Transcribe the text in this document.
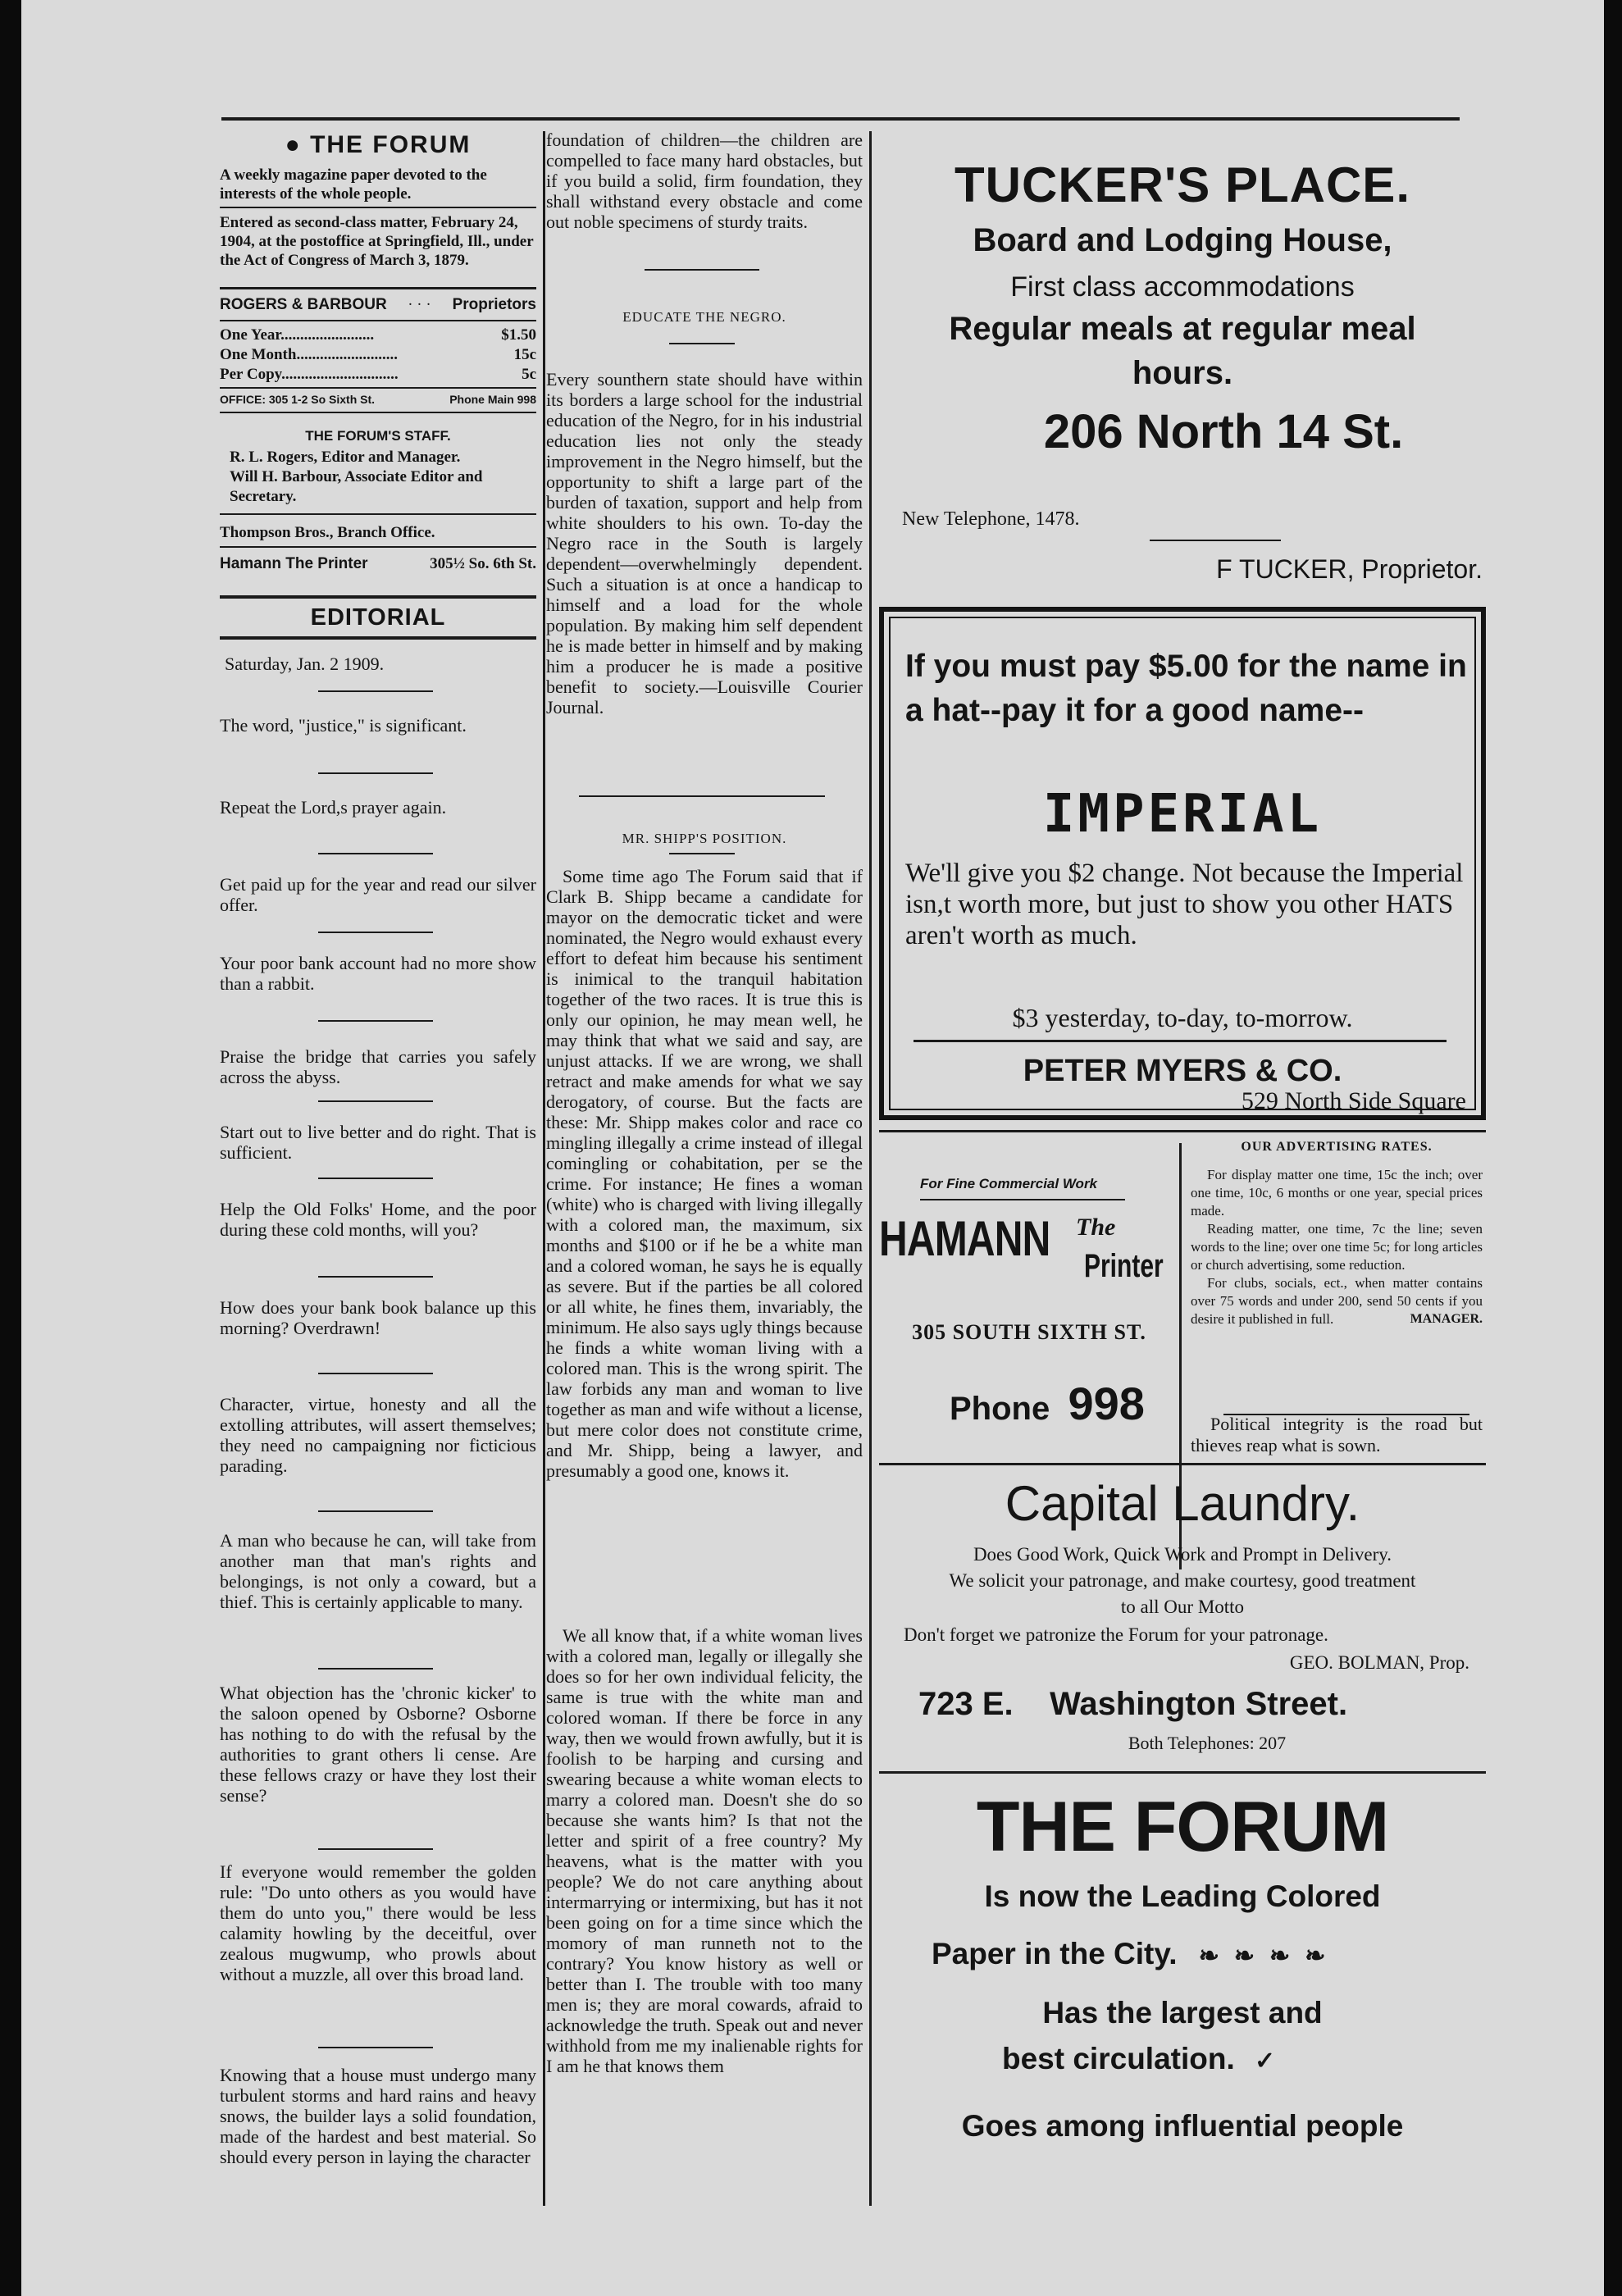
● THE FORUM
A weekly magazine paper devoted to the interests of the whole people.
Entered as second-class matter, February 24, 1904, at the postoffice at Springfield, Ill., under the Act of Congress of March 3, 1879.
ROGERS & BARBOUR · · · Proprietors
One Year........................	$1.50
One Month..........................	15c
Per Copy..............................	5c
OFFICE: 305 1-2 So Sixth St.	Phone Main 998
THE FORUM'S STAFF.
R. L. Rogers, Editor and Manager.
Will H. Barbour, Associate Editor and Secretary.
Thompson Bros., Branch Office.
Hamann The Printer	305½ So. 6th St.
EDITORIAL
Saturday, Jan. 2 1909.
The word, "justice," is significant.
Repeat the Lord,s prayer again.
Get paid up for the year and read our silver offer.
Your poor bank account had no more show than a rabbit.
Praise the bridge that carries you safely across the abyss.
Start out to live better and do right. That is sufficient.
Help the Old Folks' Home, and the poor during these cold months, will you?
How does your bank book balance up this morning? Overdrawn!
Character, virtue, honesty and all the extolling attributes, will assert themselves; they need no campaigning nor ficticious parading.
A man who because he can, will take from another man that man's rights and belongings, is not only a coward, but a thief. This is certainly applicable to many.
What objection has the 'chronic kicker' to the saloon opened by Osborne? Osborne has nothing to do with the refusal by the authorities to grant others li cense. Are these fellows crazy or have they lost their sense?
If everyone would remember the golden rule: "Do unto others as you would have them do unto you," there would be less calamity howling by the deceitful, over zealous mugwump, who prowls about without a muzzle, all over this broad land.
Knowing that a house must undergo many turbulent storms and hard rains and heavy snows, the builder lays a solid foundation, made of the hardest and best material. So should every person in laying the character
foundation of children—the children are compelled to face many hard obstacles, but if you build a solid, firm foundation, they shall withstand every obstacle and come out noble specimens of sturdy traits.
EDUCATE THE NEGRO.
Every sounthern state should have within its borders a large school for the industrial education of the Negro, for in his industrial education lies not only the steady improvement in the Negro himself, but the opportunity to shift a large part of the burden of taxation, support and help from white shoulders to his own. To-day the Negro race in the South is largely dependent—overwhelmingly dependent. Such a situation is at once a handicap to himself and a load for the whole population. By making him self dependent he is made better in himself and by making him a producer he is made a positive benefit to society.—Louisville Courier Journal.
MR. SHIPP'S POSITION.
Some time ago The Forum said that if Clark B. Shipp became a candidate for mayor on the democratic ticket and were nominated, the Negro would exhaust every effort to defeat him because his sentiment is inimical to the tranquil habitation together of the two races. It is true this is only our opinion, he may mean well, he may think that what we said and say, are unjust attacks. If we are wrong, we shall retract and make amends for what we say derogatory, of course. But the facts are these: Mr. Shipp makes color and race co mingling illegally a crime instead of illegal comingling or cohabitation, per se the crime. For instance; He fines a woman (white) who is charged with living illegally with a colored man, the maximum, six months and $100 or if he be a white man and a colored woman, he says he is equally as severe. But if the parties be all colored or all white, he fines them, invariably, the minimum. He also says ugly things because he finds a white woman living with a colored man. This is the wrong spirit. The law forbids any man and woman to live together as man and wife without a license, but mere color does not constitute crime, and Mr. Shipp, being a lawyer, and presumably a good one, knows it.
We all know that, if a white woman lives with a colored man, legally or illegally she does so for her own individual felicity, the same is true with the white man and colored woman. If there be force in any way, then we would frown awfully, but it is foolish to be harping and cursing and swearing because a white woman elects to marry a colored man. Doesn't she do so because she wants him? Is that not the letter and spirit of a free country? My heavens, what is the matter with you people? We do not care anything about intermarrying or intermixing, but has it not been going on for a time since which the momory of man runneth not to the contrary? You know history as well or better than I. The trouble with too many men is; they are moral cowards, afraid to acknowledge the truth. Speak out and never withhold from me my inalienable rights for I am he that knows them
TUCKER'S PLACE.
Board and Lodging House,
First class accommodations
Regular meals at regular meal
hours.
206 North 14 St.
New Telephone, 1478.
F TUCKER, Proprietor.
If you must pay $5.00 for the name in a hat--pay it for a good name--
IMPERIAL
We'll give you $2 change. Not because the Imperial isn,t worth more, but just to show you other HATS aren't worth as much.
$3 yesterday, to-day, to-morrow.
PETER MYERS & CO.
529 North Side Square
For Fine Commercial Work
HAMANN The
Printer
305 SOUTH SIXTH ST.
Phone 998
OUR ADVERTISING RATES.
For display matter one time, 15c the inch; over one time, 10c, 6 months or one year, special prices made.
Reading matter, one time, 7c the line; seven words to the line; over one time 5c; for long articles or church advertising, some reduction.
For clubs, socials, ect., when matter contains over 75 words and under 200, send 50 cents if you desire it published in full.	MANAGER.
Political integrity is the road but thieves reap what is sown.
Capital Laundry.
Does Good Work, Quick Work and Prompt in Delivery.
We solicit your patronage, and make courtesy, good treatment
to all Our Motto
Don't forget we patronize the Forum for your patronage.
GEO. BOLMAN, Prop.
723 E. Washington Street.
Both Telephones: 207
THE FORUM
Is now the Leading Colored
Paper in the City. ❧❧❧❧
Has the largest and
best circulation. ✓
Goes among influential people
